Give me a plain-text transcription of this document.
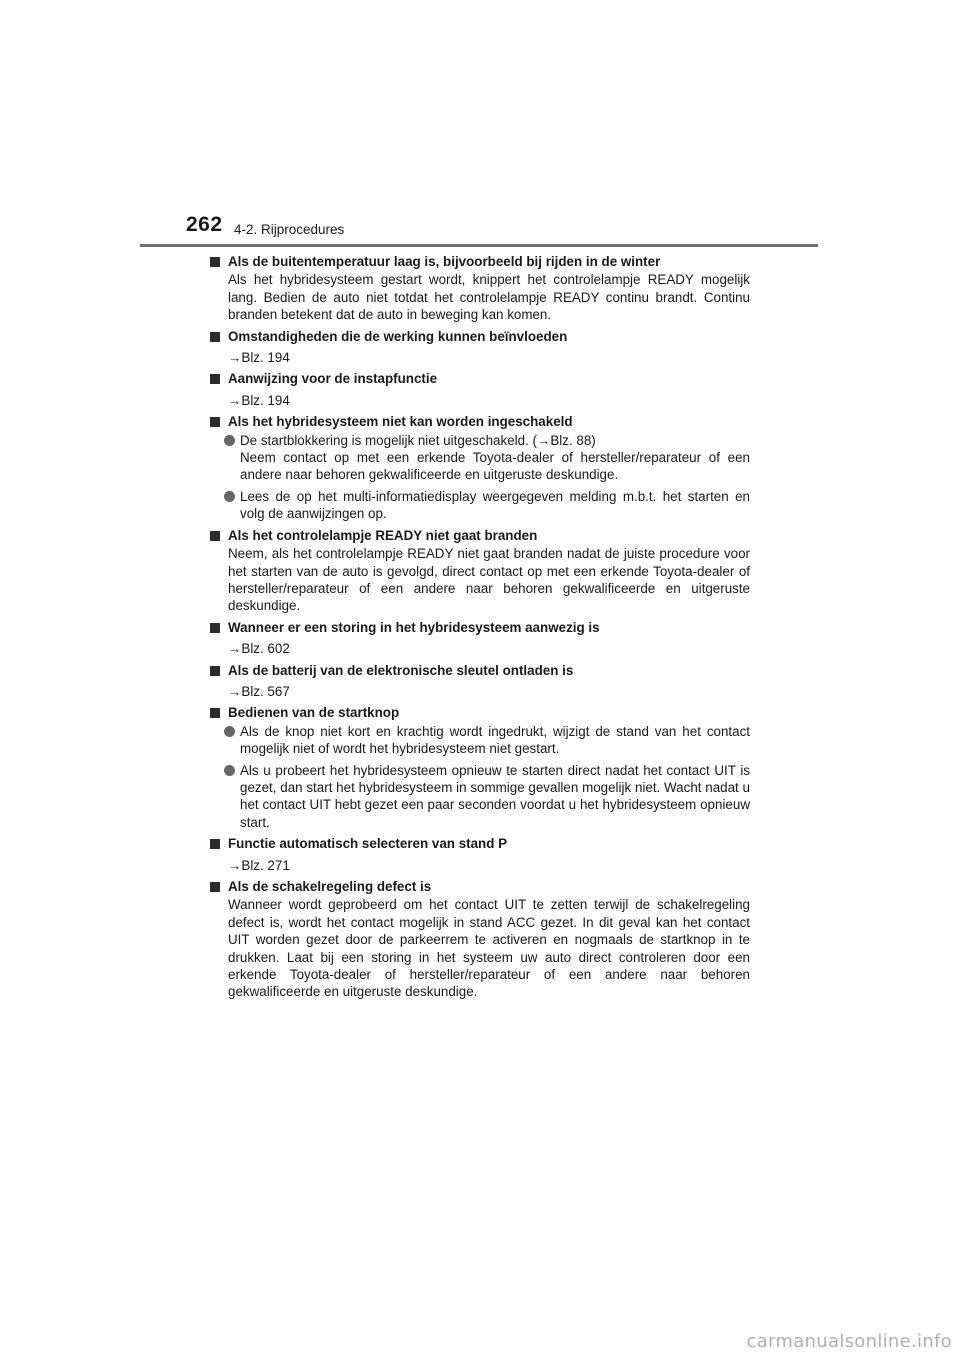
262 4-2. Rijprocedures
Als de buitentemperatuur laag is, bijvoorbeeld bij rijden in de winter
Als het hybridesysteem gestart wordt, knippert het controlelampje READY mogelijk lang. Bedien de auto niet totdat het controlelampje READY continu brandt. Continu branden betekent dat de auto in beweging kan komen.
Omstandigheden die de werking kunnen beïnvloeden
→Blz. 194
Aanwijzing voor de instapfunctie
→Blz. 194
Als het hybridesysteem niet kan worden ingeschakeld
De startblokkering is mogelijk niet uitgeschakeld. (→Blz. 88)
Neem contact op met een erkende Toyota-dealer of hersteller/reparateur of een andere naar behoren gekwalificeerde en uitgeruste deskundige.
Lees de op het multi-informatiedisplay weergegeven melding m.b.t. het starten en volg de aanwijzingen op.
Als het controlelampje READY niet gaat branden
Neem, als het controlelampje READY niet gaat branden nadat de juiste procedure voor het starten van de auto is gevolgd, direct contact op met een erkende Toyota-dealer of hersteller/reparateur of een andere naar behoren gekwalificeerde en uitgeruste deskundige.
Wanneer er een storing in het hybridesysteem aanwezig is
→Blz. 602
Als de batterij van de elektronische sleutel ontladen is
→Blz. 567
Bedienen van de startknop
Als de knop niet kort en krachtig wordt ingedrukt, wijzigt de stand van het contact mogelijk niet of wordt het hybridesysteem niet gestart.
Als u probeert het hybridesysteem opnieuw te starten direct nadat het contact UIT is gezet, dan start het hybridesysteem in sommige gevallen mogelijk niet. Wacht nadat u het contact UIT hebt gezet een paar seconden voordat u het hybridesysteem opnieuw start.
Functie automatisch selecteren van stand P
→Blz. 271
Als de schakelregeling defect is
Wanneer wordt geprobeerd om het contact UIT te zetten terwijl de schakelregeling defect is, wordt het contact mogelijk in stand ACC gezet. In dit geval kan het contact UIT worden gezet door de parkeerrem te activeren en nogmaals de startknop in te drukken. Laat bij een storing in het systeem uw auto direct controleren door een erkende Toyota-dealer of hersteller/reparateur of een andere naar behoren gekwalificeerde en uitgeruste deskundige.
carmanualsonline.info
